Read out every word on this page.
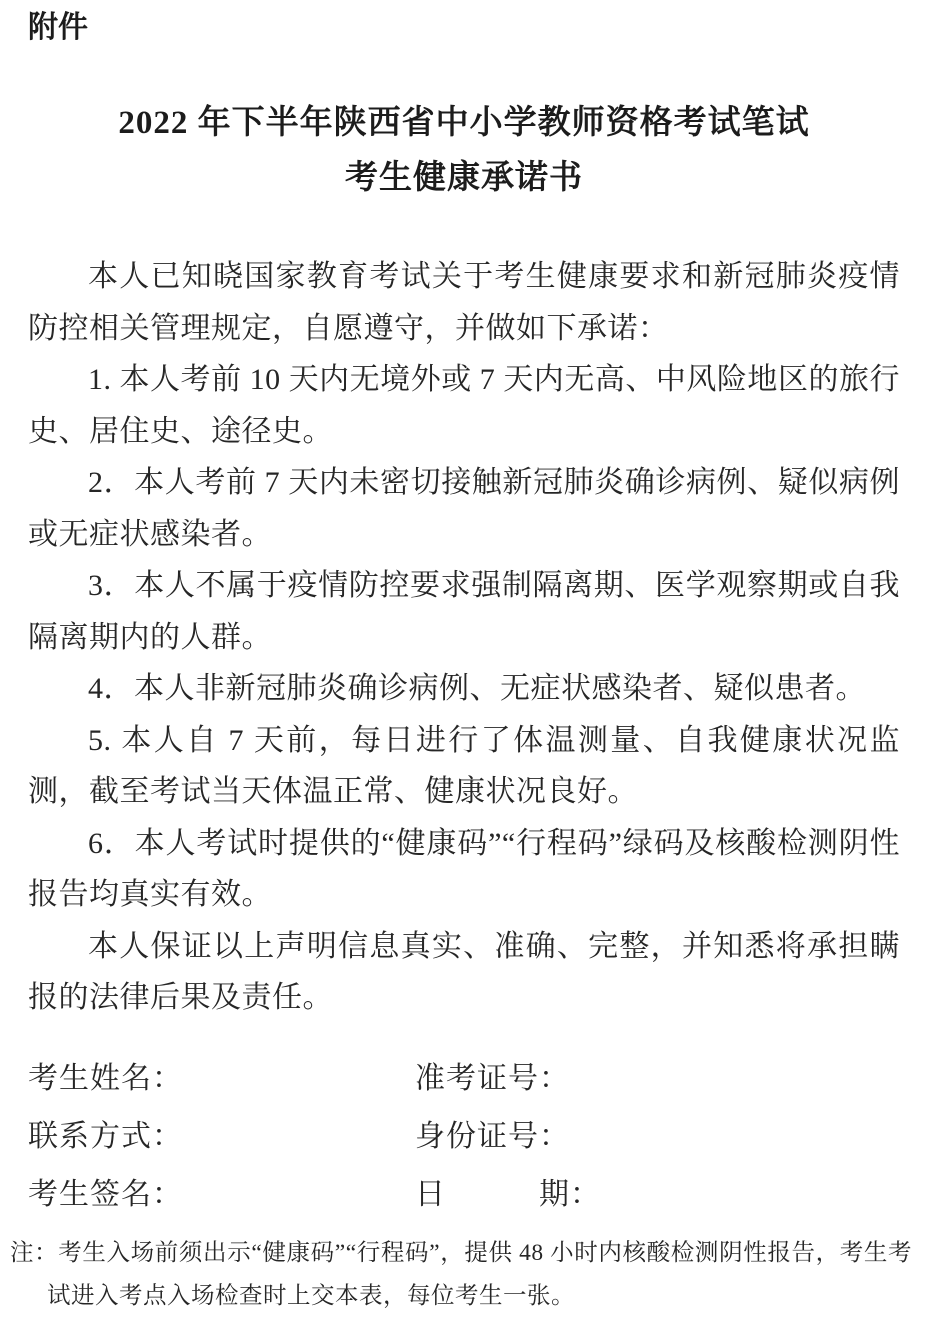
附件
2022 年下半年陕西省中小学教师资格考试笔试
考生健康承诺书

本人已知晓国家教育考试关于考生健康要求和新冠肺炎疫情防控相关管理规定，自愿遵守，并做如下承诺：

1. 本人考前 10 天内无境外或 7 天内无高、中风险地区的旅行史、居住史、途径史。

2．本人考前 7 天内未密切接触新冠肺炎确诊病例、疑似病例或无症状感染者。

3．本人不属于疫情防控要求强制隔离期、医学观察期或自我隔离期内的人群。

4．本人非新冠肺炎确诊病例、无症状感染者、疑似患者。

5. 本人自 7 天前，每日进行了体温测量、自我健康状况监测，截至考试当天体温正常、健康状况良好。

6．本人考试时提供的“健康码”“行程码”绿码及核酸检测阴性报告均真实有效。

本人保证以上声明信息真实、准确、完整，并知悉将承担瞒报的法律后果及责任。

考生姓名：	准考证号：
联系方式：	身份证号：
考生签名：	日　　　期：

注：考生入场前须出示“健康码”“行程码”，提供 48 小时内核酸检测阴性报告，考生考试进入考点入场检查时上交本表，每位考生一张。
